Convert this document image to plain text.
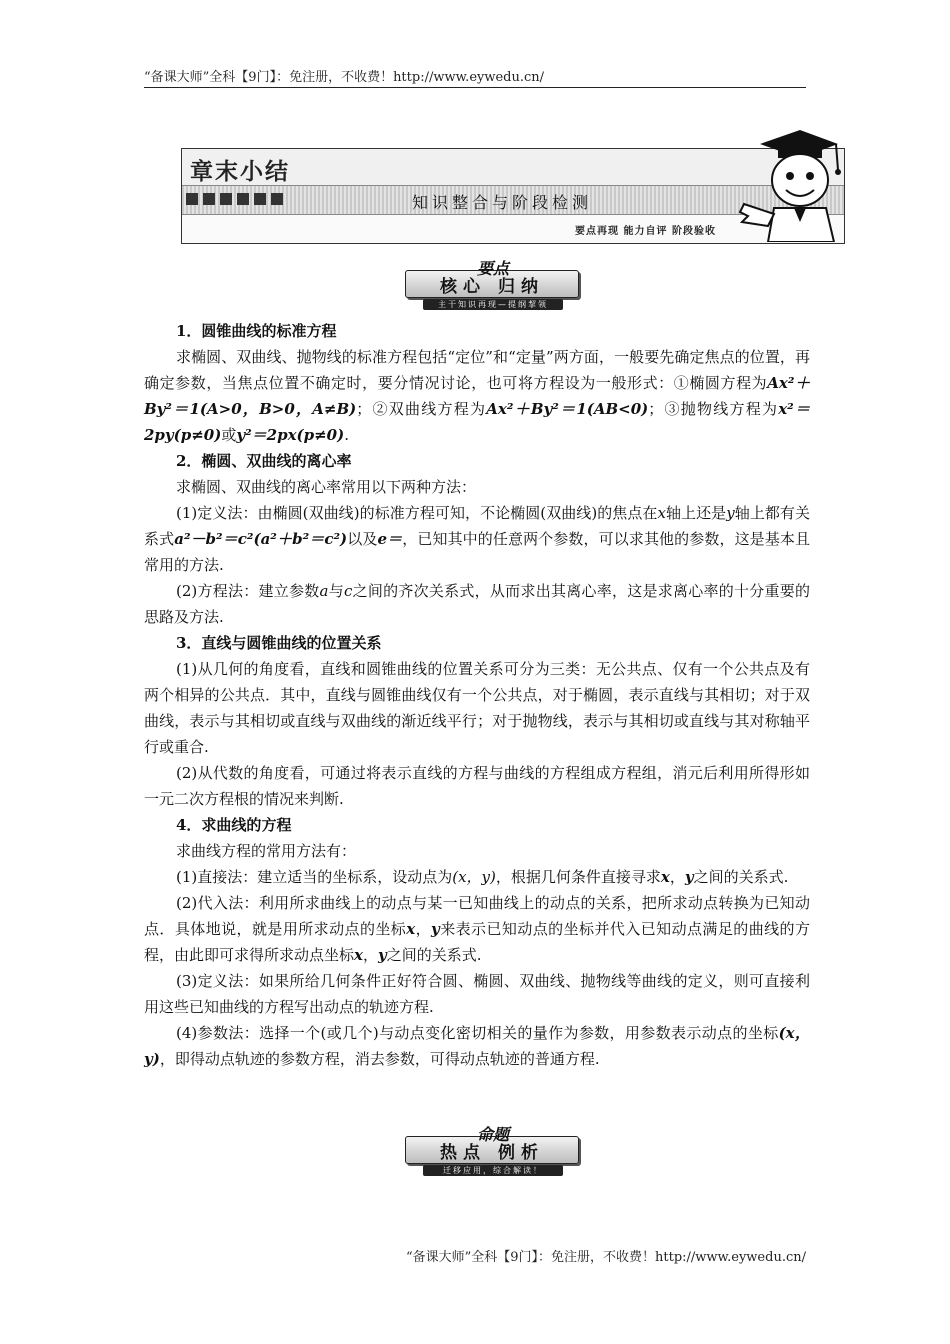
“备课大师”全科【9门】：免注册，不收费！http://www.eywedu.cn/
章末小结
知识整合与阶段检测
要点再现 能力自评 阶段验收
核心 归纳
要点
主干知识再现—提纲挈领

1．圆锥曲线的标准方程

求椭圆、双曲线、抛物线的标准方程包括“定位”和“定量”两方面，一般要先确定焦点的位置，再确定参数，当焦点位置不确定时，要分情况讨论，也可将方程设为一般形式：①椭圆方程为Ax²＋By²＝1(A>0，B>0，A≠B)；②双曲线方程为Ax²＋By²＝1(AB<0)；③抛物线方程为x²＝2py(p≠0)或y²＝2px(p≠0).

2．椭圆、双曲线的离心率

求椭圆、双曲线的离心率常用以下两种方法：

(1)定义法：由椭圆(双曲线)的标准方程可知，不论椭圆(双曲线)的焦点在x轴上还是y轴上都有关系式a²－b²＝c²(a²＋b²＝c²)以及e＝，已知其中的任意两个参数，可以求其他的参数，这是基本且常用的方法.

(2)方程法：建立参数a与c之间的齐次关系式，从而求出其离心率，这是求离心率的十分重要的思路及方法.

3．直线与圆锥曲线的位置关系

(1)从几何的角度看，直线和圆锥曲线的位置关系可分为三类：无公共点、仅有一个公共点及有两个相异的公共点．其中，直线与圆锥曲线仅有一个公共点，对于椭圆，表示直线与其相切；对于双曲线，表示与其相切或直线与双曲线的渐近线平行；对于抛物线，表示与其相切或直线与其对称轴平行或重合.

(2)从代数的角度看，可通过将表示直线的方程与曲线的方程组成方程组，消元后利用所得形如一元二次方程根的情况来判断.

4．求曲线的方程

求曲线方程的常用方法有：

(1)直接法：建立适当的坐标系，设动点为(x，y)，根据几何条件直接寻求x，y之间的关系式.

(2)代入法：利用所求曲线上的动点与某一已知曲线上的动点的关系，把所求动点转换为已知动点．具体地说，就是用所求动点的坐标x，y来表示已知动点的坐标并代入已知动点满足的曲线的方程，由此即可求得所求动点坐标x，y之间的关系式.

(3)定义法：如果所给几何条件正好符合圆、椭圆、双曲线、抛物线等曲线的定义，则可直接利用这些已知曲线的方程写出动点的轨迹方程.

(4)参数法：选择一个(或几个)与动点变化密切相关的量作为参数，用参数表示动点的坐标(x，y)，即得动点轨迹的参数方程，消去参数，可得动点轨迹的普通方程.

热点 例析
命题
迁移应用，综合解读！
“备课大师”全科【9门】：免注册，不收费！http://www.eywedu.cn/
